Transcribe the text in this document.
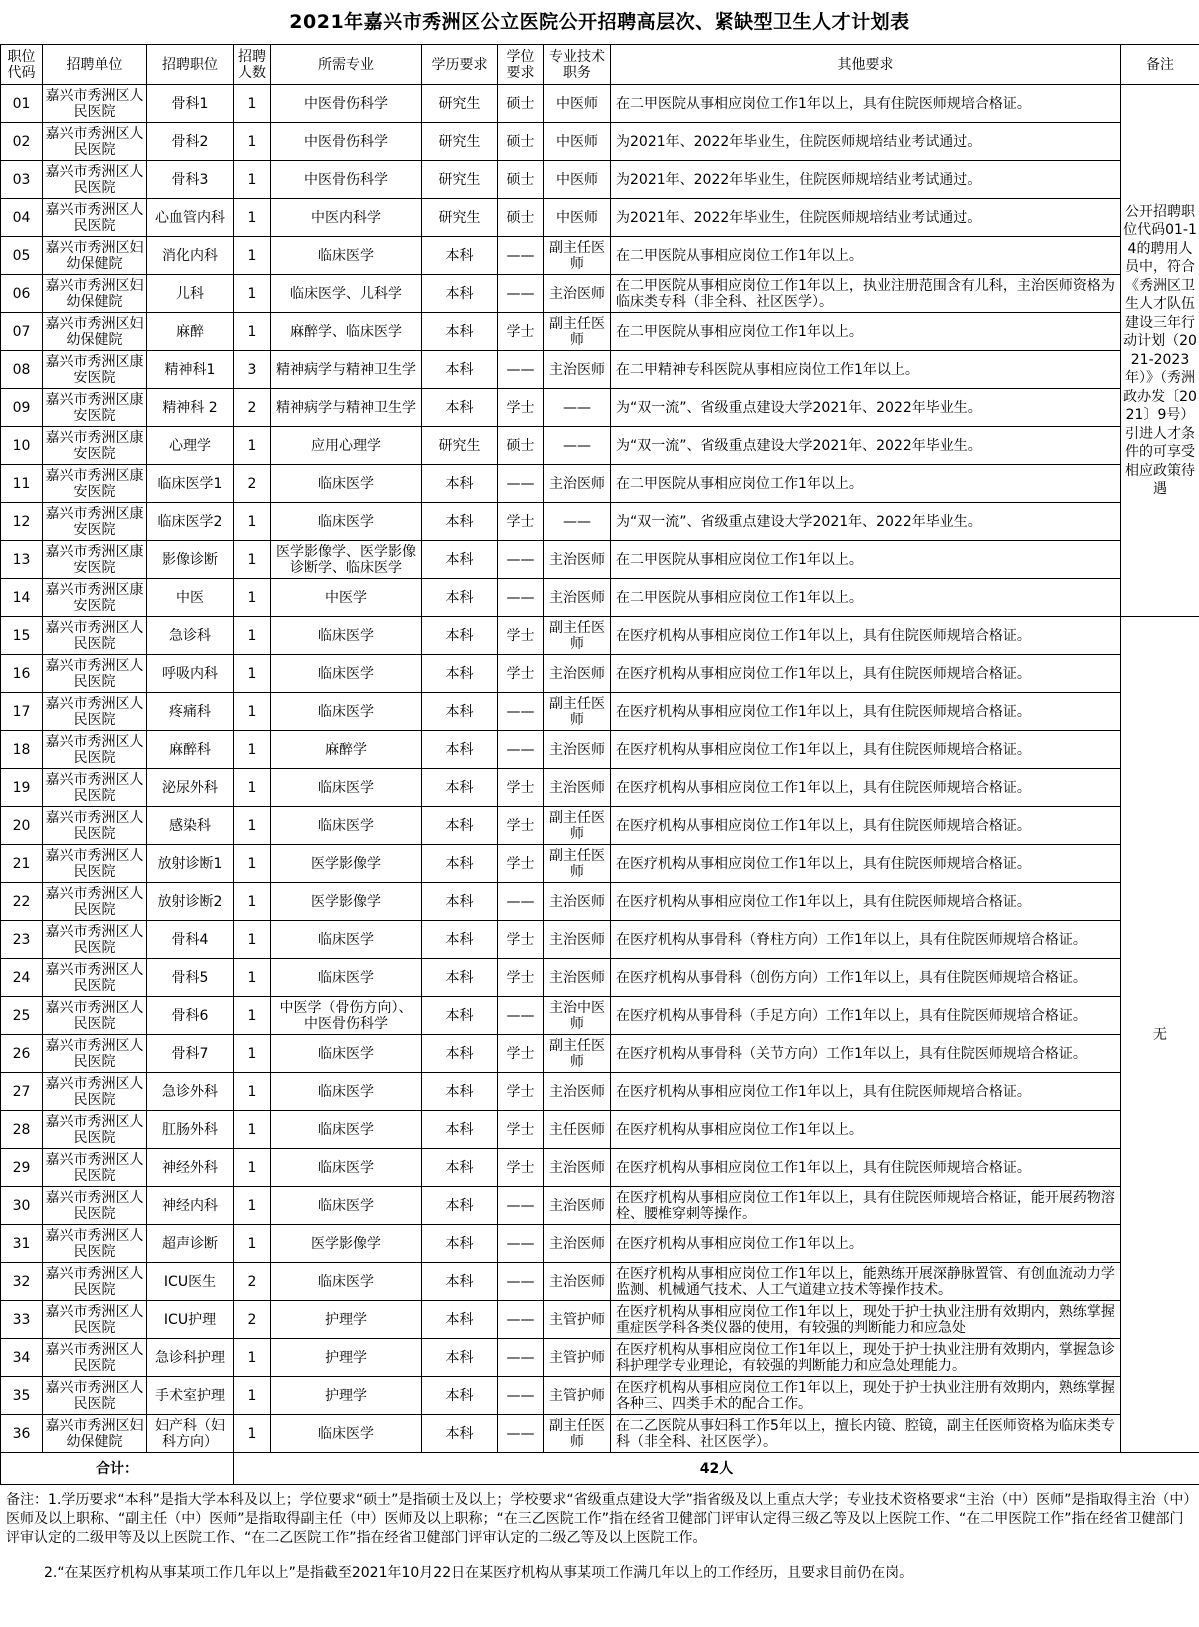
2021年嘉兴市秀洲区公立医院公开招聘高层次、紧缺型卫生人才计划表
职位代码	招聘单位	招聘职位	招聘人数	所需专业	学历要求	学位要求	专业技术职务	其他要求	备注
01	嘉兴市秀洲区人民医院	骨科1	1	中医骨伤科学	研究生	硕士	中医师	在二甲医院从事相应岗位工作1年以上，具有住院医师规培合格证。	公开招聘职位代码01-14的聘用人员中，符合《秀洲区卫生人才队伍建设三年行动计划（2021-2023年）》（秀洲政办发〔2021〕9号）引进人才条件的可享受相应政策待遇
02	嘉兴市秀洲区人民医院	骨科2	1	中医骨伤科学	研究生	硕士	中医师	为2021年、2022年毕业生，住院医师规培结业考试通过。	
03	嘉兴市秀洲区人民医院	骨科3	1	中医骨伤科学	研究生	硕士	中医师	为2021年、2022年毕业生，住院医师规培结业考试通过。	
04	嘉兴市秀洲区人民医院	心血管内科	1	中医内科学	研究生	硕士	中医师	为2021年、2022年毕业生，住院医师规培结业考试通过。	
05	嘉兴市秀洲区妇幼保健院	消化内科	1	临床医学	本科	——	副主任医师	在二甲医院从事相应岗位工作1年以上。	
06	嘉兴市秀洲区妇幼保健院	儿科	1	临床医学、儿科学	本科	——	主治医师	在二甲医院从事相应岗位工作1年以上，执业注册范围含有儿科，主治医师资格为临床类专科（非全科、社区医学）。	
07	嘉兴市秀洲区妇幼保健院	麻醉	1	麻醉学、临床医学	本科	学士	副主任医师	在二甲医院从事相应岗位工作1年以上。	
08	嘉兴市秀洲区康安医院	精神科1	3	精神病学与精神卫生学	本科	——	主治医师	在二甲精神专科医院从事相应岗位工作1年以上。	
09	嘉兴市秀洲区康安医院	精神科 2	2	精神病学与精神卫生学	本科	学士	——	为“双一流”、省级重点建设大学2021年、2022年毕业生。	
10	嘉兴市秀洲区康安医院	心理学	1	应用心理学	研究生	硕士	——	为“双一流”、省级重点建设大学2021年、2022年毕业生。	
11	嘉兴市秀洲区康安医院	临床医学1	2	临床医学	本科	——	主治医师	在二甲医院从事相应岗位工作1年以上。	
12	嘉兴市秀洲区康安医院	临床医学2	1	临床医学	本科	学士	——	为“双一流”、省级重点建设大学2021年、2022年毕业生。	
13	嘉兴市秀洲区康安医院	影像诊断	1	医学影像学、医学影像诊断学、临床医学	本科	——	主治医师	在二甲医院从事相应岗位工作1年以上。	
14	嘉兴市秀洲区康安医院	中医	1	中医学	本科	——	主治医师	在二甲医院从事相应岗位工作1年以上。	
15	嘉兴市秀洲区人民医院	急诊科	1	临床医学	本科	学士	副主任医师	在医疗机构从事相应岗位工作1年以上，具有住院医师规培合格证。	无
16	嘉兴市秀洲区人民医院	呼吸内科	1	临床医学	本科	学士	主治医师	在医疗机构从事相应岗位工作1年以上，具有住院医师规培合格证。	
17	嘉兴市秀洲区人民医院	疼痛科	1	临床医学	本科	——	副主任医师	在医疗机构从事相应岗位工作1年以上，具有住院医师规培合格证。	
18	嘉兴市秀洲区人民医院	麻醉科	1	麻醉学	本科	——	主治医师	在医疗机构从事相应岗位工作1年以上，具有住院医师规培合格证。	
19	嘉兴市秀洲区人民医院	泌尿外科	1	临床医学	本科	学士	主治医师	在医疗机构从事相应岗位工作1年以上，具有住院医师规培合格证。	
20	嘉兴市秀洲区人民医院	感染科	1	临床医学	本科	学士	副主任医师	在医疗机构从事相应岗位工作1年以上，具有住院医师规培合格证。	
21	嘉兴市秀洲区人民医院	放射诊断1	1	医学影像学	本科	学士	副主任医师	在医疗机构从事相应岗位工作1年以上，具有住院医师规培合格证。	
22	嘉兴市秀洲区人民医院	放射诊断2	1	医学影像学	本科	——	主治医师	在医疗机构从事相应岗位工作1年以上，具有住院医师规培合格证。	
23	嘉兴市秀洲区人民医院	骨科4	1	临床医学	本科	学士	主治医师	在医疗机构从事骨科（脊柱方向）工作1年以上，具有住院医师规培合格证。	
24	嘉兴市秀洲区人民医院	骨科5	1	临床医学	本科	学士	主治医师	在医疗机构从事骨科（创伤方向）工作1年以上，具有住院医师规培合格证。	
25	嘉兴市秀洲区人民医院	骨科6	1	中医学（骨伤方向）、中医骨伤科学	本科	——	主治中医师	在医疗机构从事骨科（手足方向）工作1年以上，具有住院医师规培合格证。	
26	嘉兴市秀洲区人民医院	骨科7	1	临床医学	本科	学士	副主任医师	在医疗机构从事骨科（关节方向）工作1年以上，具有住院医师规培合格证。	
27	嘉兴市秀洲区人民医院	急诊外科	1	临床医学	本科	学士	主治医师	在医疗机构从事相应岗位工作1年以上，具有住院医师规培合格证。	
28	嘉兴市秀洲区人民医院	肛肠外科	1	临床医学	本科	学士	主任医师	在医疗机构从事相应岗位工作1年以上。	
29	嘉兴市秀洲区人民医院	神经外科	1	临床医学	本科	学士	主治医师	在医疗机构从事相应岗位工作1年以上，具有住院医师规培合格证。	
30	嘉兴市秀洲区人民医院	神经内科	1	临床医学	本科	——	主治医师	在医疗机构从事相应岗位工作1年以上，具有住院医师规培合格证，能开展药物溶栓、腰椎穿刺等操作。	
31	嘉兴市秀洲区人民医院	超声诊断	1	医学影像学	本科	——	主治医师	在医疗机构从事相应岗位工作1年以上。	
32	嘉兴市秀洲区人民医院	ICU医生	2	临床医学	本科	——	主治医师	在医疗机构从事相应岗位工作1年以上，能熟练开展深静脉置管、有创血流动力学监测、机械通气技术、人工气道建立技术等操作技术。	
33	嘉兴市秀洲区人民医院	ICU护理	2	护理学	本科	——	主管护师	在医疗机构从事相应岗位工作1年以上，现处于护士执业注册有效期内，熟练掌握重症医学科各类仪器的使用，有较强的判断能力和应急处	
34	嘉兴市秀洲区人民医院	急诊科护理	1	护理学	本科	——	主管护师	在医疗机构从事相应岗位工作1年以上，现处于护士执业注册有效期内，掌握急诊科护理学专业理论，有较强的判断能力和应急处理能力。	
35	嘉兴市秀洲区人民医院	手术室护理	1	护理学	本科	——	主管护师	在医疗机构从事相应岗位工作1年以上，现处于护士执业注册有效期内，熟练掌握各种三、四类手术的配合工作。	
36	嘉兴市秀洲区妇幼保健院	妇产科（妇科方向）	1	临床医学	本科	——	副主任医师	在二乙医院从事妇科工作5年以上，擅长内镜、腔镜，副主任医师资格为临床类专科（非全科、社区医学）。	
合计：			42人						
备注：1.学历要求“本科”是指大学本科及以上；学位要求“硕士”是指硕士及以上；学校要求“省级重点建设大学”指省级及以上重点大学；专业技术资格要求“主治（中）医师”是指取得主治（中）医师及以上职称、“副主任（中）医师”是指取得副主任（中）医师及以上职称；“在三乙医院工作”指在经省卫健部门评审认定得三级乙等及以上医院工作、“在二甲医院工作”指在经省卫健部门评审认定的二级甲等及以上医院工作、“在二乙医院工作”指在经省卫健部门评审认定的二级乙等及以上医院工作。
2.“在某医疗机构从事某项工作几年以上”是指截至2021年10月22日在某医疗机构从事某项工作满几年以上的工作经历，且要求目前仍在岗。
